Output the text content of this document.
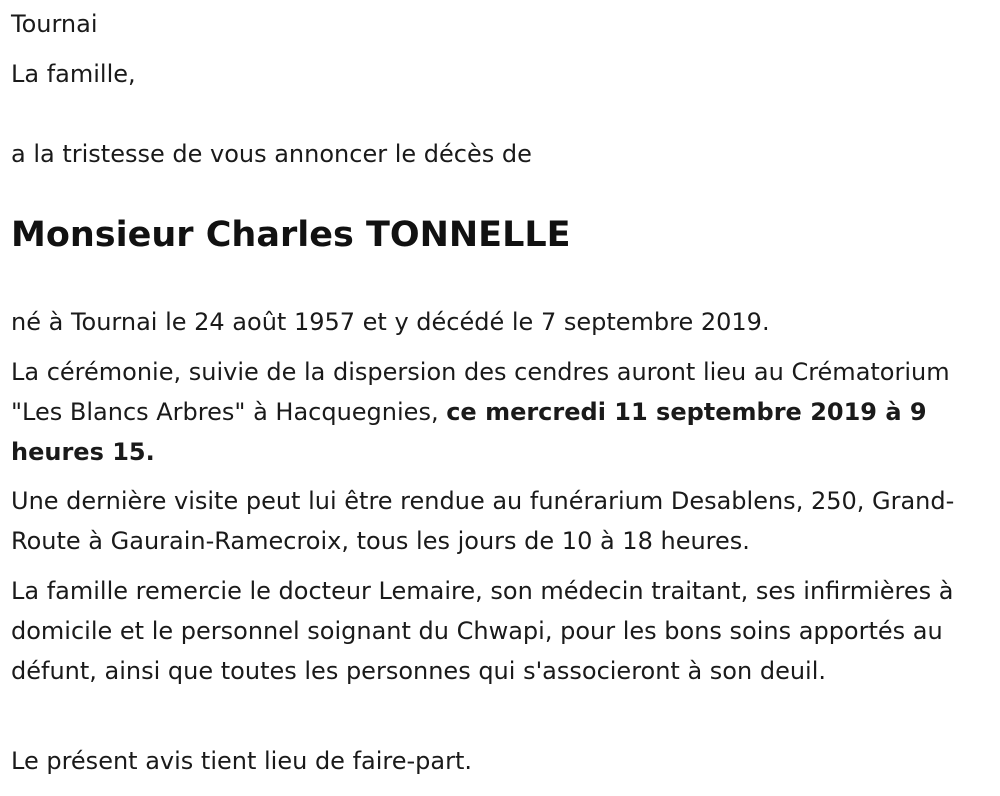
Tournai

La famille,

a la tristesse de vous annoncer le décès de

Monsieur Charles TONNELLE

né à Tournai le 24 août 1957 et y décédé le 7 septembre 2019.

La cérémonie, suivie de la dispersion des cendres auront lieu au Crématorium "Les Blancs Arbres" à Hacquegnies, ce mercredi 11 septembre 2019 à 9 heures 15.

Une dernière visite peut lui être rendue au funérarium Desablens, 250, Grand-Route à Gaurain-Ramecroix, tous les jours de 10 à 18 heures.

La famille remercie le docteur Lemaire, son médecin traitant, ses infirmières à domicile et le personnel soignant du Chwapi, pour les bons soins apportés au défunt, ainsi que toutes les personnes qui s'associeront à son deuil.

Le présent avis tient lieu de faire-part.
